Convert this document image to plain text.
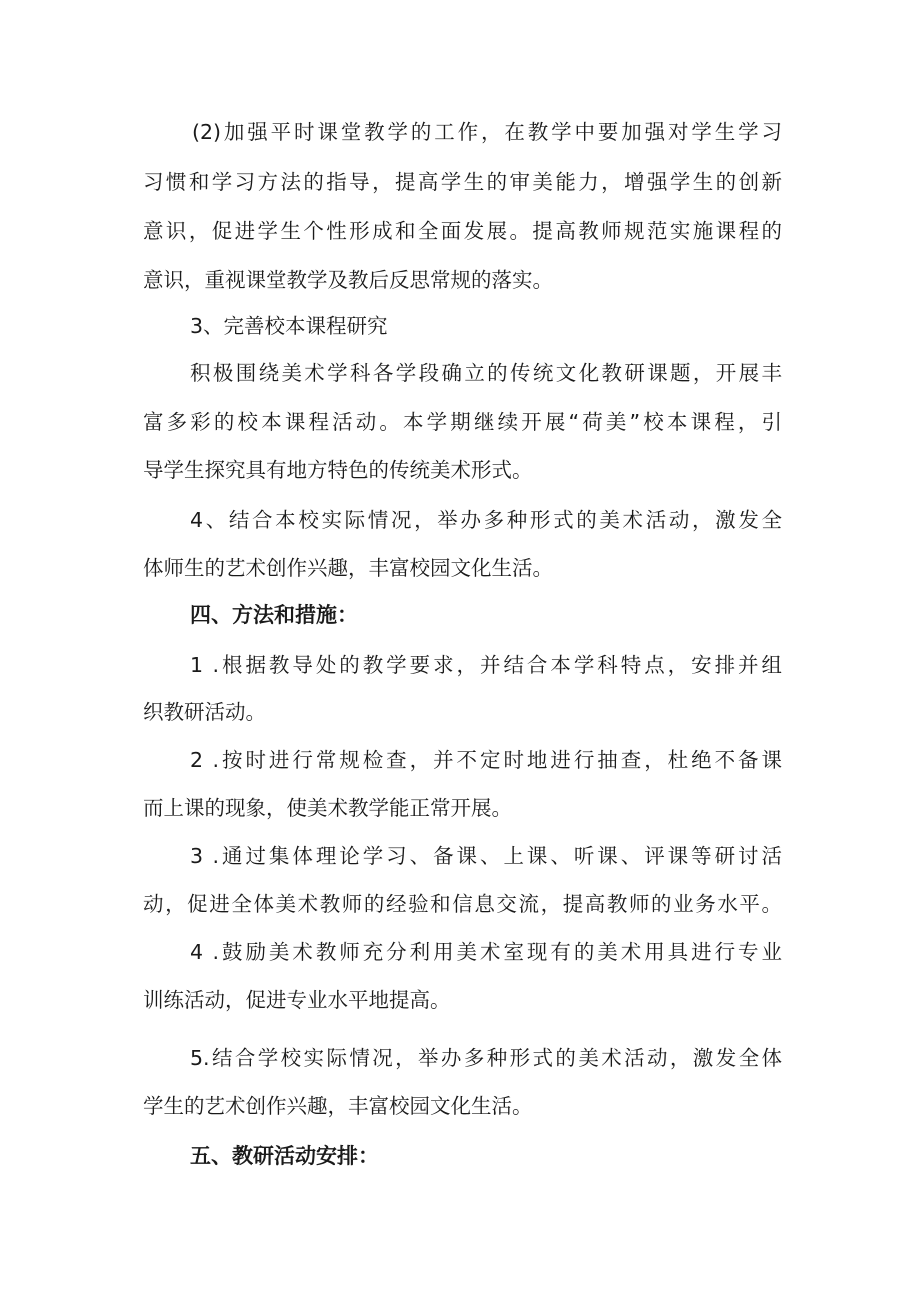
(2)加强平时课堂教学的工作，在教学中要加强对学生学习
习惯和学习方法的指导，提高学生的审美能力，增强学生的创新
意识，促进学生个性形成和全面发展。提高教师规范实施课程的
意识，重视课堂教学及教后反思常规的落实。
3、完善校本课程研究
积极围绕美术学科各学段确立的传统文化教研课题，开展丰
富多彩的校本课程活动。本学期继续开展“荷美”校本课程，引
导学生探究具有地方特色的传统美术形式。
4、结合本校实际情况，举办多种形式的美术活动，激发全
体师生的艺术创作兴趣，丰富校园文化生活。
四、方法和措施：
1 .根据教导处的教学要求，并结合本学科特点，安排并组
织教研活动。
2 .按时进行常规检查，并不定时地进行抽查，杜绝不备课
而上课的现象，使美术教学能正常开展。
3 .通过集体理论学习、备课、上课、听课、评课等研讨活
动，促进全体美术教师的经验和信息交流，提高教师的业务水平。
4 .鼓励美术教师充分利用美术室现有的美术用具进行专业
训练活动，促进专业水平地提高。
5.结合学校实际情况，举办多种形式的美术活动，激发全体
学生的艺术创作兴趣，丰富校园文化生活。
五、教研活动安排：
